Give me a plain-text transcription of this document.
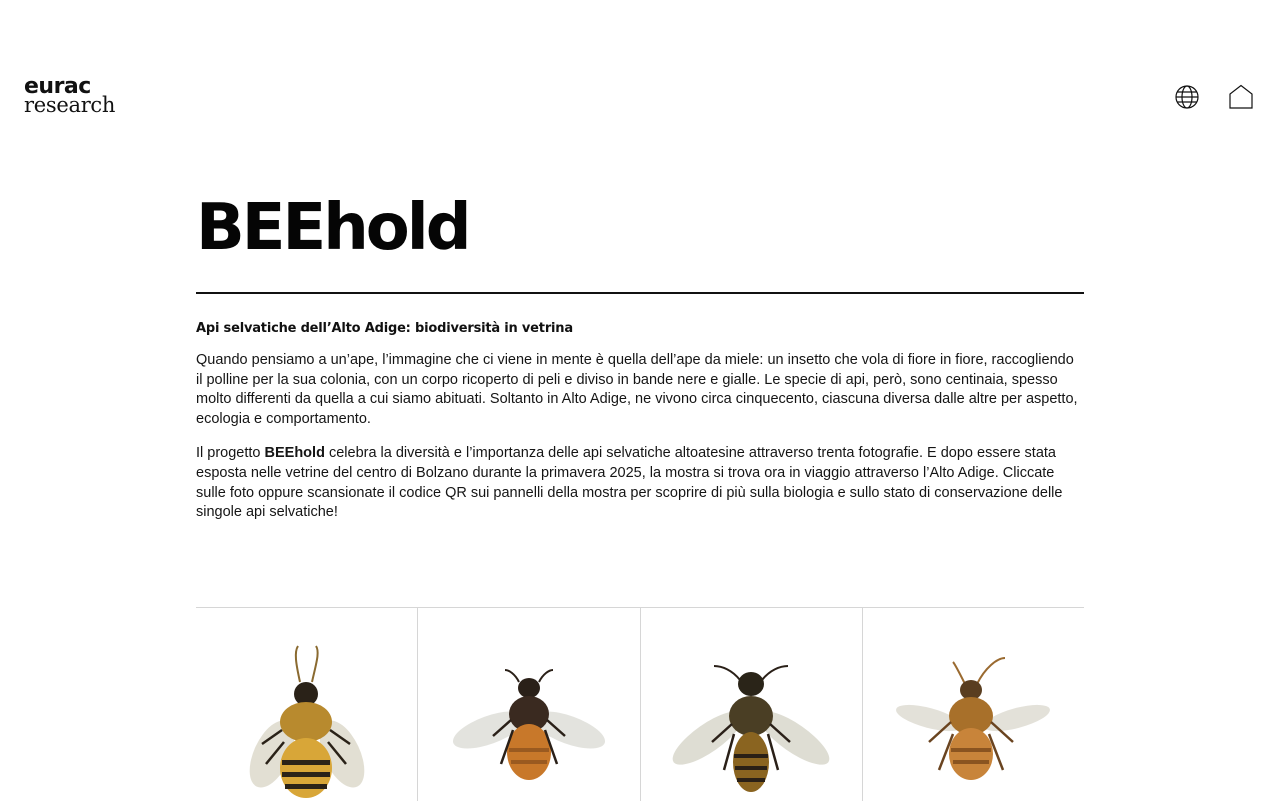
eurac
research
BEEhold

Api selvatiche dell’Alto Adige: biodiversità in vetrina

Quando pensiamo a un’ape, l’immagine che ci viene in mente è quella dell’ape da miele: un insetto che vola di fiore in fiore, raccogliendo il polline per la sua colonia, con un corpo ricoperto di peli e diviso in bande nere e gialle. Le specie di api, però, sono centinaia, spesso molto differenti da quella a cui siamo abituati. Soltanto in Alto Adige, ne vivono circa cinquecento, ciascuna diversa dalle altre per aspetto, ecologia e comportamento.

Il progetto BEEhold celebra la diversità e l’importanza delle api selvatiche altoatesine attraverso trenta fotografie. E dopo essere stata esposta nelle vetrine del centro di Bolzano durante la primavera 2025, la mostra si trova ora in viaggio attraverso l’Alto Adige. Cliccate sulle foto oppure scansionate il codice QR sui pannelli della mostra per scoprire di più sulla biologia e sullo stato di conservazione delle singole api selvatiche!
